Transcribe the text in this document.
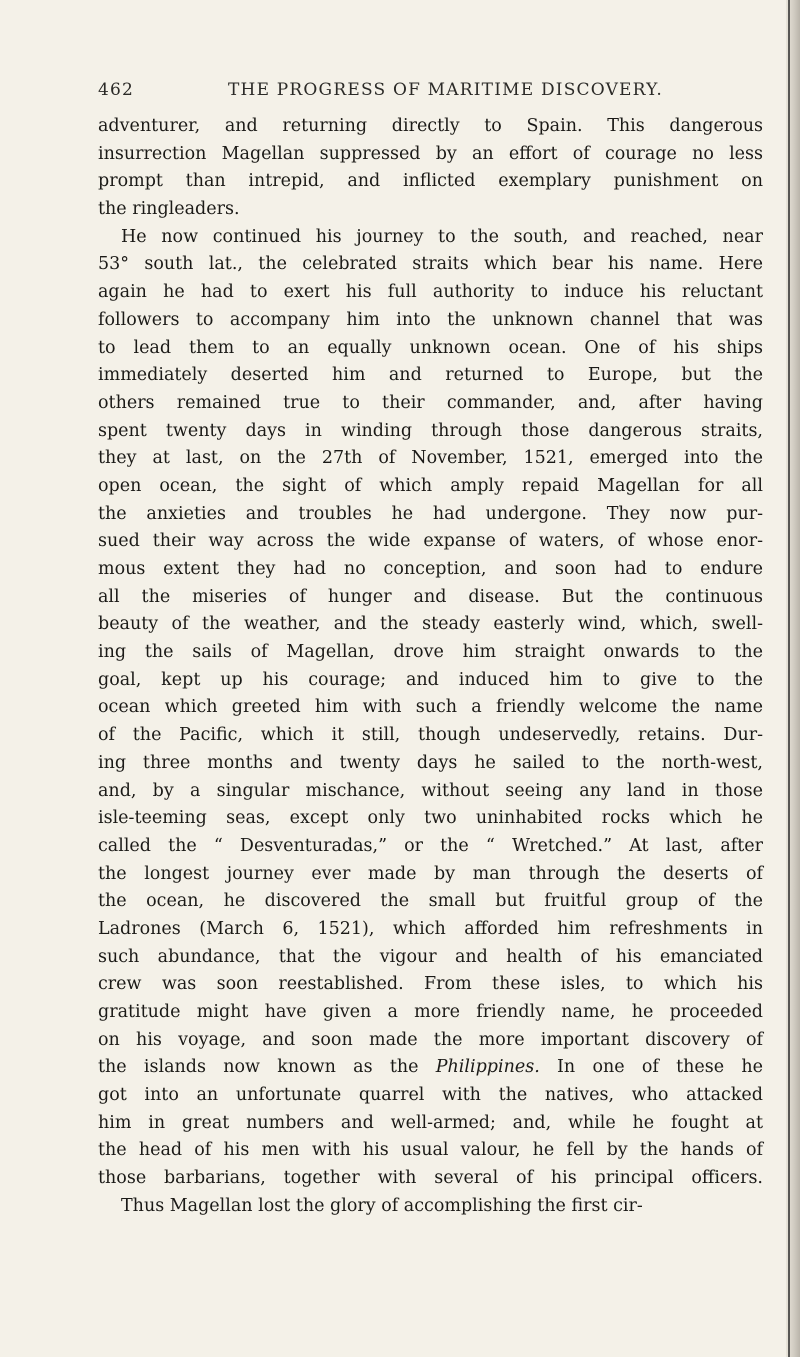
462	THE PROGRESS OF MARITIME DISCOVERY.
adventurer, and returning directly to Spain. This dangerous
insurrection Magellan suppressed by an effort of courage no less
prompt than intrepid, and inflicted exemplary punishment on
the ringleaders.
He now continued his journey to the south, and reached, near
53° south lat., the celebrated straits which bear his name. Here
again he had to exert his full authority to induce his reluctant
followers to accompany him into the unknown channel that was
to lead them to an equally unknown ocean. One of his ships
immediately deserted him and returned to Europe, but the
others remained true to their commander, and, after having
spent twenty days in winding through those dangerous straits,
they at last, on the 27th of November, 1521, emerged into the
open ocean, the sight of which amply repaid Magellan for all
the anxieties and troubles he had undergone. They now pur-
sued their way across the wide expanse of waters, of whose enor-
mous extent they had no conception, and soon had to endure
all the miseries of hunger and disease. But the continuous
beauty of the weather, and the steady easterly wind, which, swell-
ing the sails of Magellan, drove him straight onwards to the
goal, kept up his courage; and induced him to give to the
ocean which greeted him with such a friendly welcome the name
of the Pacific, which it still, though undeservedly, retains. Dur-
ing three months and twenty days he sailed to the north-west,
and, by a singular mischance, without seeing any land in those
isle-teeming seas, except only two uninhabited rocks which he
called the “ Desventuradas,” or the “ Wretched.” At last, after
the longest journey ever made by man through the deserts of
the ocean, he discovered the small but fruitful group of the
Ladrones (March 6, 1521), which afforded him refreshments in
such abundance, that the vigour and health of his emanciated
crew was soon reestablished. From these isles, to which his
gratitude might have given a more friendly name, he proceeded
on his voyage, and soon made the more important discovery of
the islands now known as the Philippines. In one of these he
got into an unfortunate quarrel with the natives, who attacked
him in great numbers and well-armed; and, while he fought at
the head of his men with his usual valour, he fell by the hands of
those barbarians, together with several of his principal officers.
Thus Magellan lost the glory of accomplishing the first cir-
